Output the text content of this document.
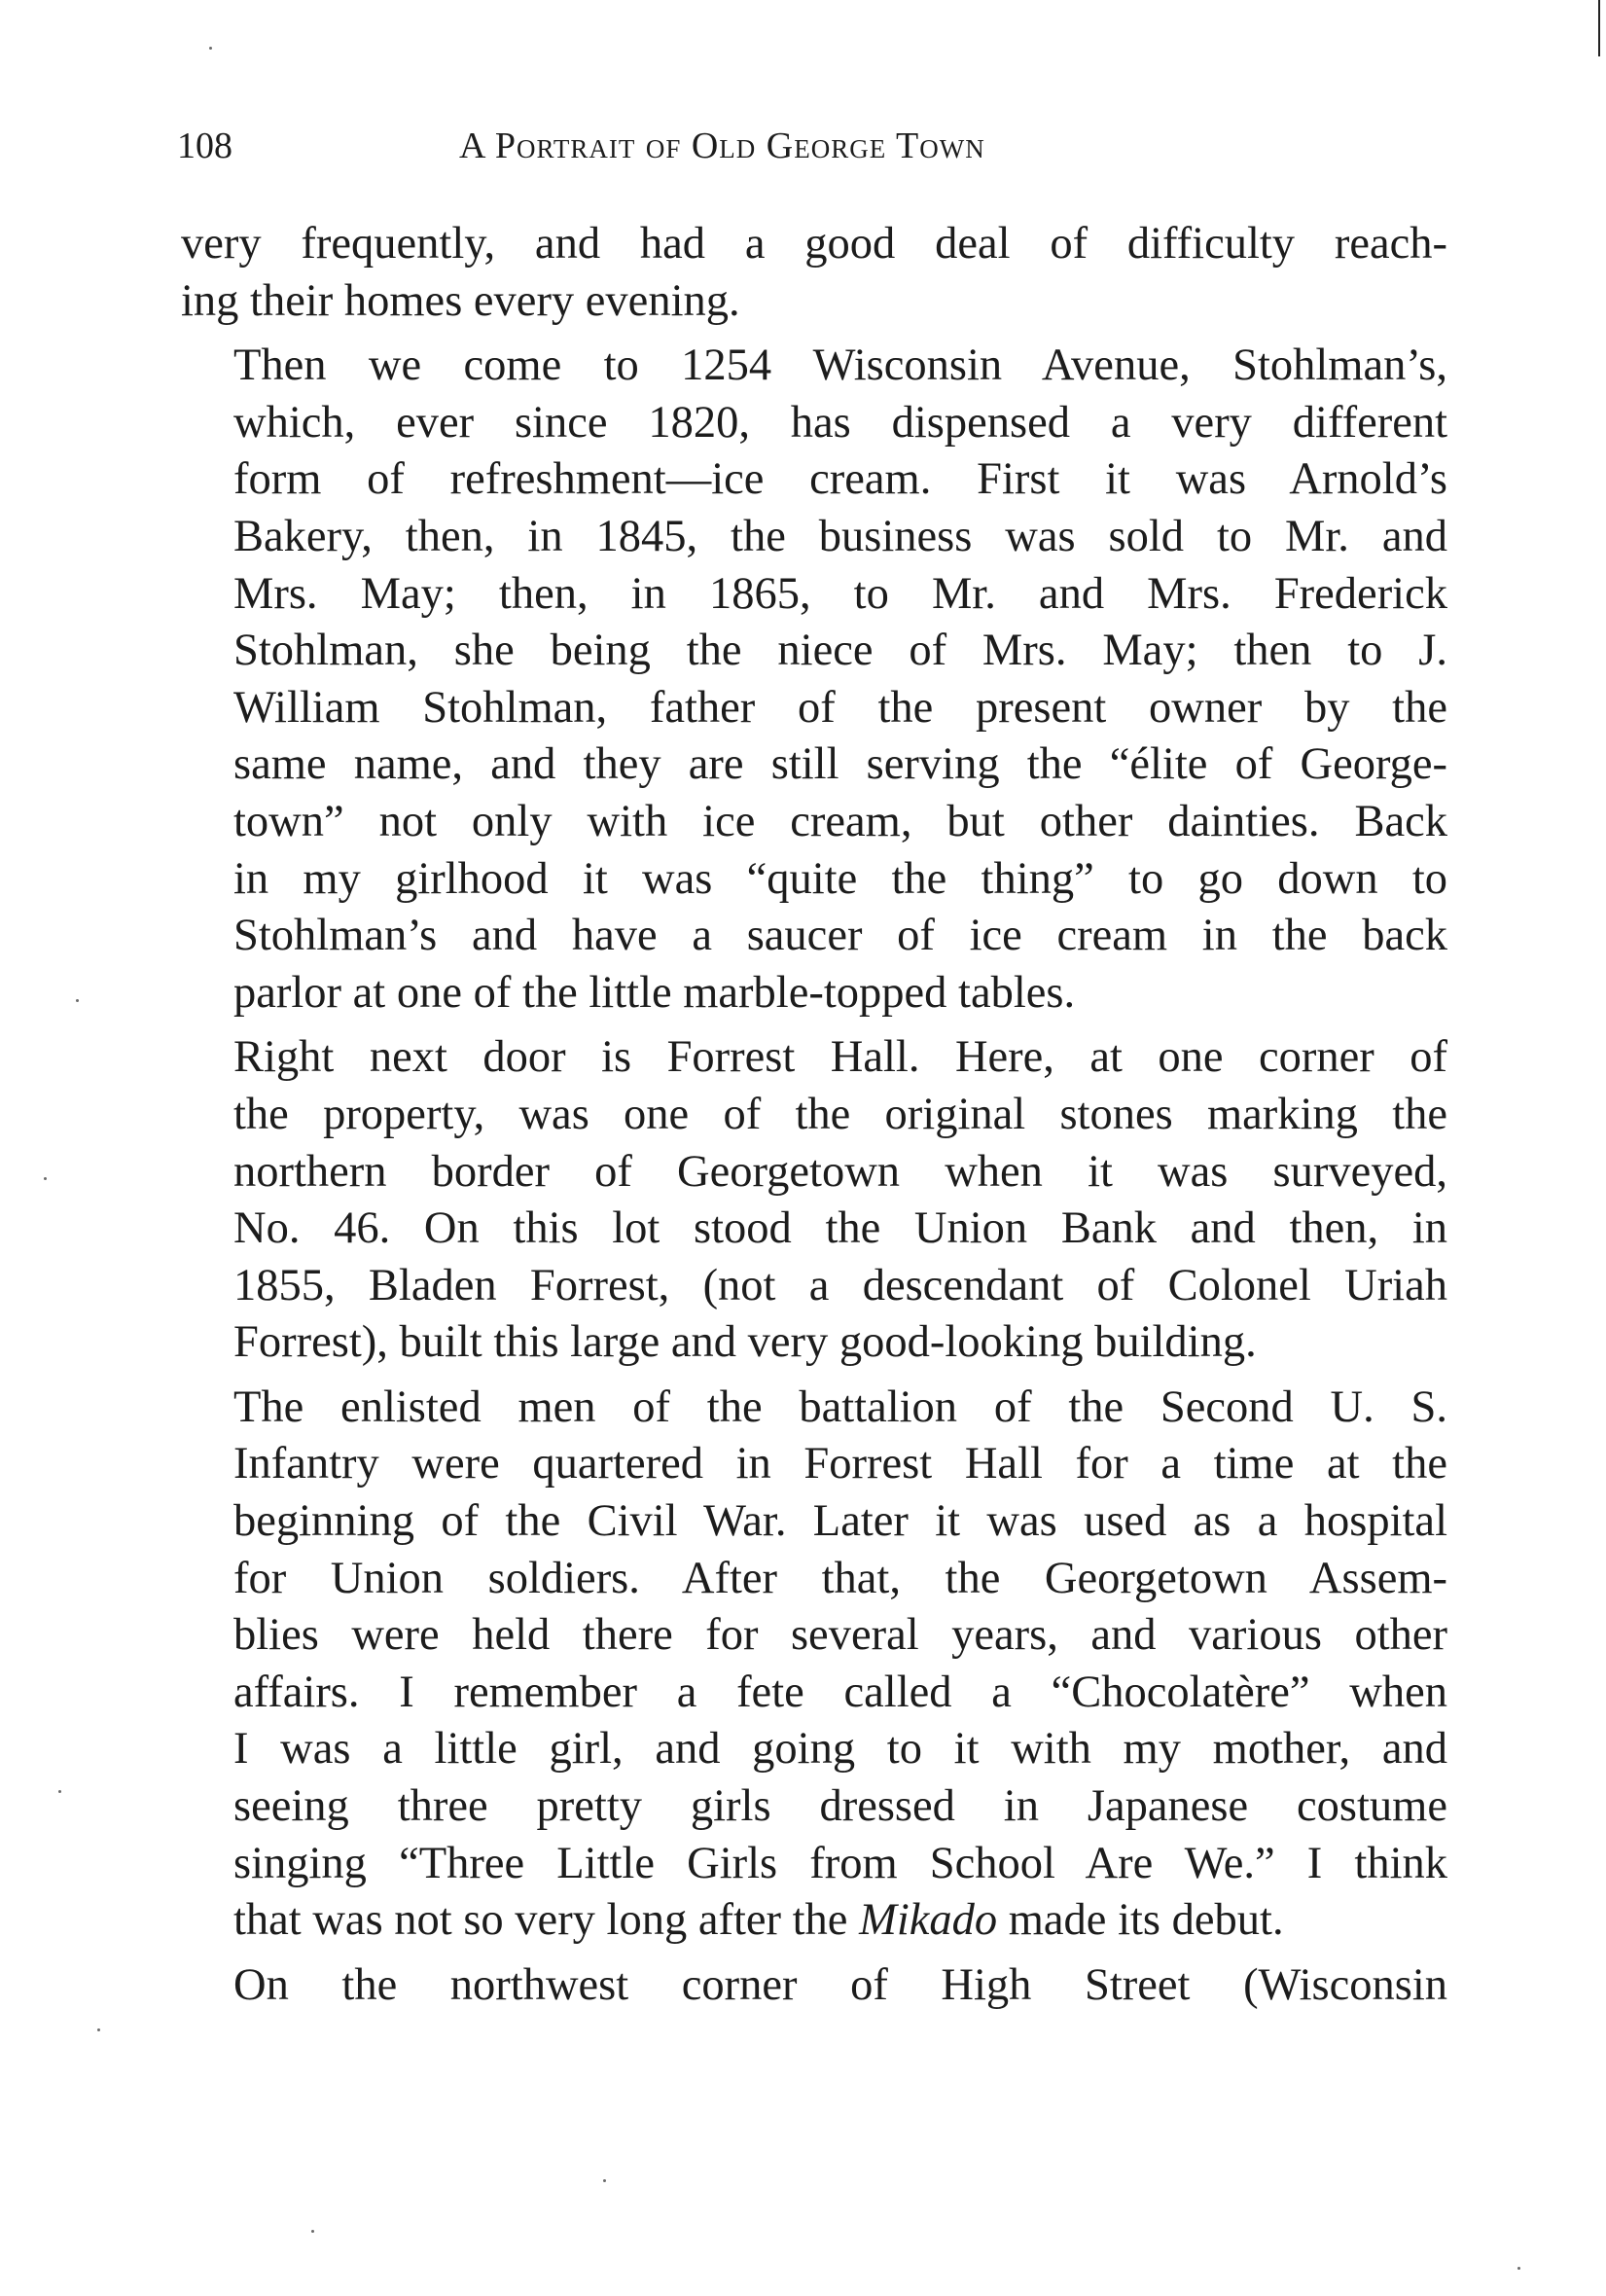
108	A Portrait of Old George Town
very frequently, and had a good deal of difficulty reach-
ing their homes every evening.
Then we come to 1254 Wisconsin Avenue, Stohlman’s,
which, ever since 1820, has dispensed a very different
form of refreshment—ice cream. First it was Arnold’s
Bakery, then, in 1845, the business was sold to Mr. and
Mrs. May; then, in 1865, to Mr. and Mrs. Frederick
Stohlman, she being the niece of Mrs. May; then to J.
William Stohlman, father of the present owner by the
same name, and they are still serving the “élite of George-
town” not only with ice cream, but other dainties. Back
in my girlhood it was “quite the thing” to go down to
Stohlman’s and have a saucer of ice cream in the back
parlor at one of the little marble-topped tables.
Right next door is Forrest Hall. Here, at one corner of
the property, was one of the original stones marking the
northern border of Georgetown when it was surveyed,
No. 46. On this lot stood the Union Bank and then, in
1855, Bladen Forrest, (not a descendant of Colonel Uriah
Forrest), built this large and very good-looking building.
The enlisted men of the battalion of the Second U. S.
Infantry were quartered in Forrest Hall for a time at the
beginning of the Civil War. Later it was used as a hospital
for Union soldiers. After that, the Georgetown Assem-
blies were held there for several years, and various other
affairs. I remember a fete called a “Chocolatère” when
I was a little girl, and going to it with my mother, and
seeing three pretty girls dressed in Japanese costume
singing “Three Little Girls from School Are We.” I think
that was not so very long after the Mikado made its debut.
On the northwest corner of High Street (Wisconsin
